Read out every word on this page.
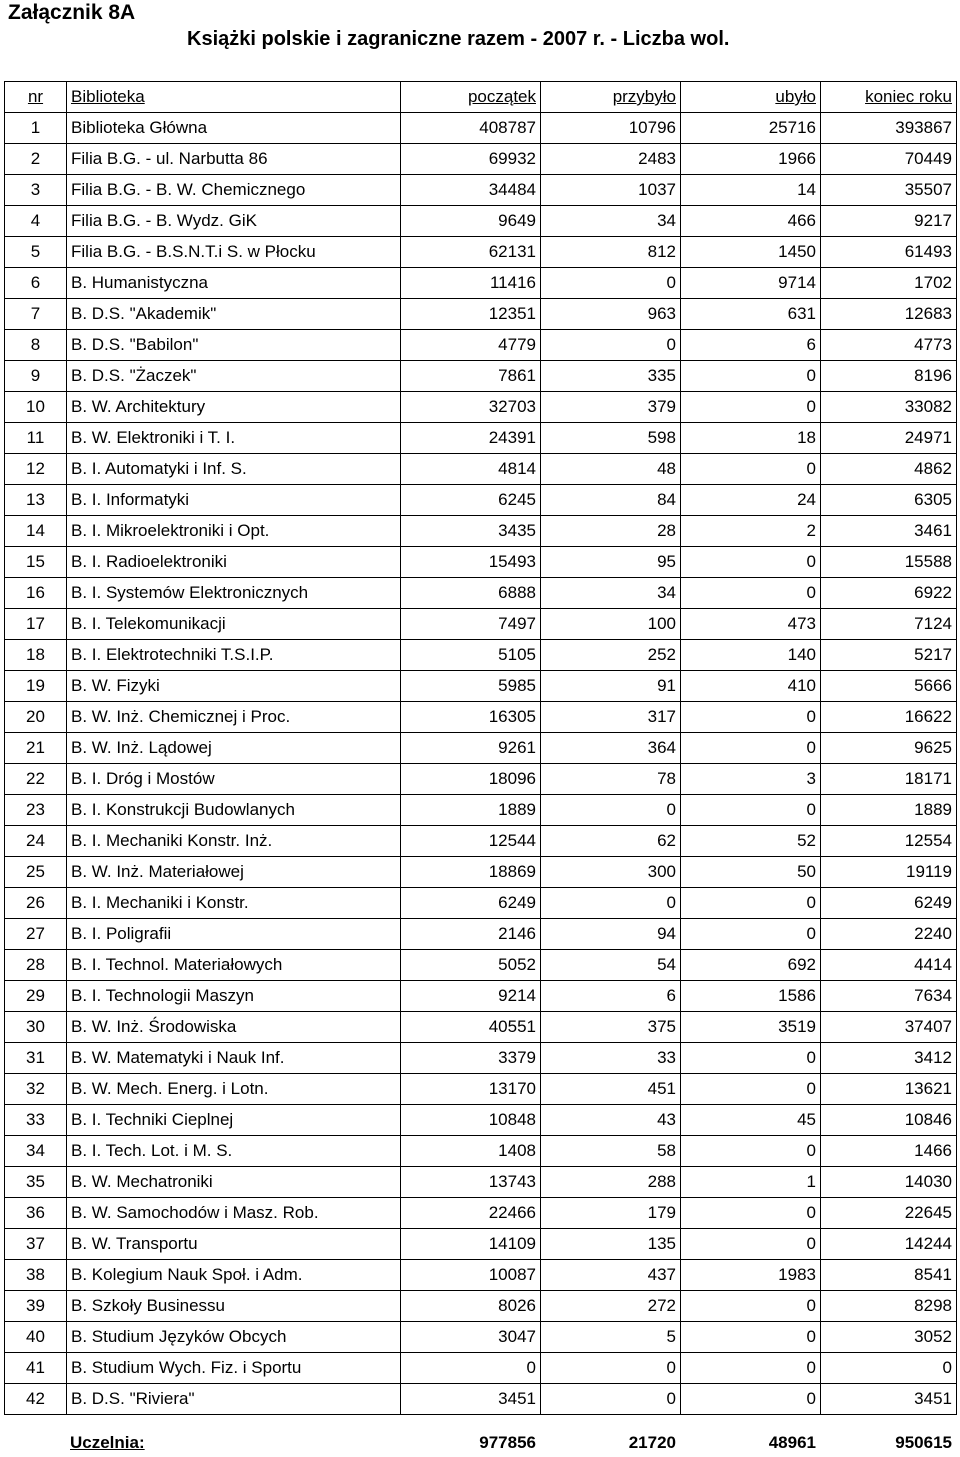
Załącznik 8A
Książki polskie i zagraniczne razem - 2007 r. - Liczba wol.
nr	Biblioteka	początek	przybyło	ubyło	koniec roku
1	Biblioteka Główna	408787	10796	25716	393867
2	Filia B.G. - ul. Narbutta 86	69932	2483	1966	70449
3	Filia B.G. - B. W. Chemicznego	34484	1037	14	35507
4	Filia B.G. - B. Wydz. GiK	9649	34	466	9217
5	Filia B.G. - B.S.N.T.i S. w Płocku	62131	812	1450	61493
6	B. Humanistyczna	11416	0	9714	1702
7	B. D.S. "Akademik"	12351	963	631	12683
8	B. D.S. "Babilon"	4779	0	6	4773
9	B. D.S. "Żaczek"	7861	335	0	8196
10	B. W. Architektury	32703	379	0	33082
11	B. W. Elektroniki i T. I.	24391	598	18	24971
12	B. I. Automatyki i Inf. S.	4814	48	0	4862
13	B. I. Informatyki	6245	84	24	6305
14	B. I. Mikroelektroniki i Opt.	3435	28	2	3461
15	B. I. Radioelektroniki	15493	95	0	15588
16	B. I. Systemów Elektronicznych	6888	34	0	6922
17	B. I. Telekomunikacji	7497	100	473	7124
18	B. I. Elektrotechniki T.S.I.P.	5105	252	140	5217
19	B. W. Fizyki	5985	91	410	5666
20	B. W. Inż. Chemicznej i Proc.	16305	317	0	16622
21	B. W. Inż. Lądowej	9261	364	0	9625
22	B. I. Dróg i Mostów	18096	78	3	18171
23	B. I. Konstrukcji Budowlanych	1889	0	0	1889
24	B. I. Mechaniki Konstr. Inż.	12544	62	52	12554
25	B. W. Inż. Materiałowej	18869	300	50	19119
26	B. I. Mechaniki i Konstr.	6249	0	0	6249
27	B. I. Poligrafii	2146	94	0	2240
28	B. I. Technol. Materiałowych	5052	54	692	4414
29	B. I. Technologii Maszyn	9214	6	1586	7634
30	B. W. Inż. Środowiska	40551	375	3519	37407
31	B. W. Matematyki i Nauk Inf.	3379	33	0	3412
32	B. W. Mech. Energ. i Lotn.	13170	451	0	13621
33	B. I. Techniki Cieplnej	10848	43	45	10846
34	B. I. Tech. Lot. i M. S.	1408	58	0	1466
35	B. W. Mechatroniki	13743	288	1	14030
36	B. W. Samochodów i Masz. Rob.	22466	179	0	22645
37	B. W. Transportu	14109	135	0	14244
38	B. Kolegium Nauk Społ. i Adm.	10087	437	1983	8541
39	B. Szkoły Businessu	8026	272	0	8298
40	B. Studium Języków Obcych	3047	5	0	3052
41	B. Studium Wych. Fiz. i Sportu	0	0	0	0
42	B. D.S. "Riviera"	3451	0	0	3451
	Uczelnia:	977856	21720	48961	950615
